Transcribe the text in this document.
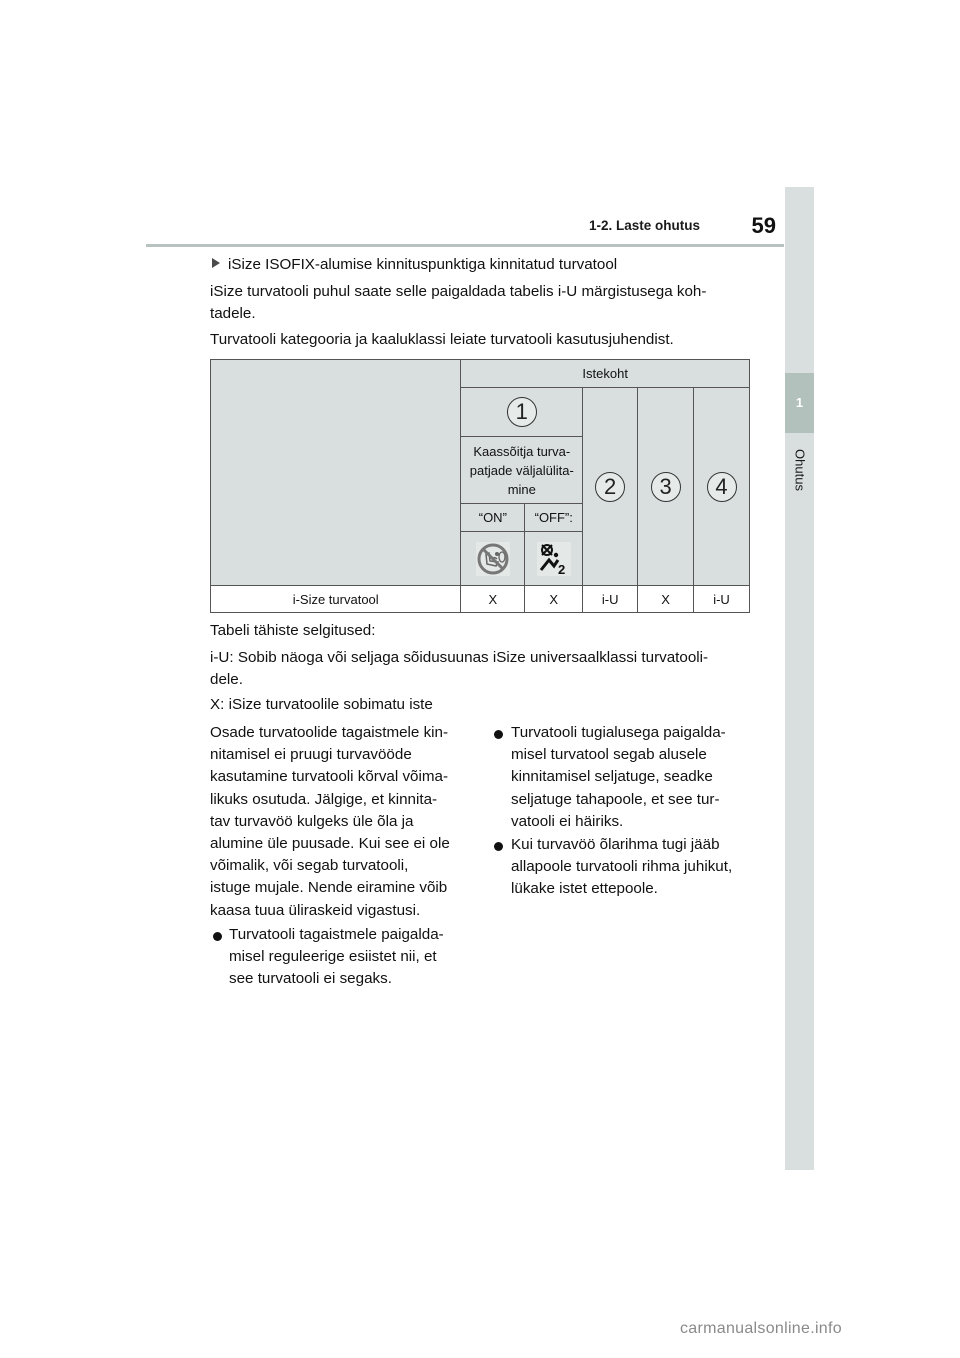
1-2. Laste ohutus	59
1
Ohutus
iSize ISOFIX-alumise kinnituspunktiga kinnitatud turvatool
iSize turvatooli puhul saate selle paigaldada tabelis i-U märgistusega koh-
tadele.
Turvatooli kategooria ja kaaluklassi leiate turvatooli kasutusjuhendist.
	Istekoht				
	1		2	3	4

	Kaassõitja turva-
patjade väljalülita-
mine				

	“ON”	“OFF”:			

2			

i-Size turvatool	X	X	i-U	X	i-U
Tabeli tähiste selgitused:
i-U: Sobib näoga või seljaga sõidusuunas iSize universaalklassi turvatooli-
dele.
X: iSize turvatoolile sobimatu iste
Osade turvatoolide tagaistmele kin-
nitamisel ei pruugi turvavööde
kasutamine turvatooli kõrval võima-
likuks osutuda. Jälgige, et kinnita-
tav turvavöö kulgeks üle õla ja
alumine üle puusade. Kui see ei ole
võimalik, või segab turvatooli,
istuge mujale. Nende eiramine võib
kaasa tuua üliraskeid vigastusi.
Turvatooli tagaistmele paigalda-
misel reguleerige esiistet nii, et
see turvatooli ei segaks.
Turvatooli tugialusega paigalda-
misel turvatool segab alusele
kinnitamisel seljatuge, seadke
seljatuge tahapoole, et see tur-
vatooli ei häiriks.
Kui turvavöö õlarihma tugi jääb
allapoole turvatooli rihma juhikut,
lükake istet ettepoole.
carmanualsonline.info
